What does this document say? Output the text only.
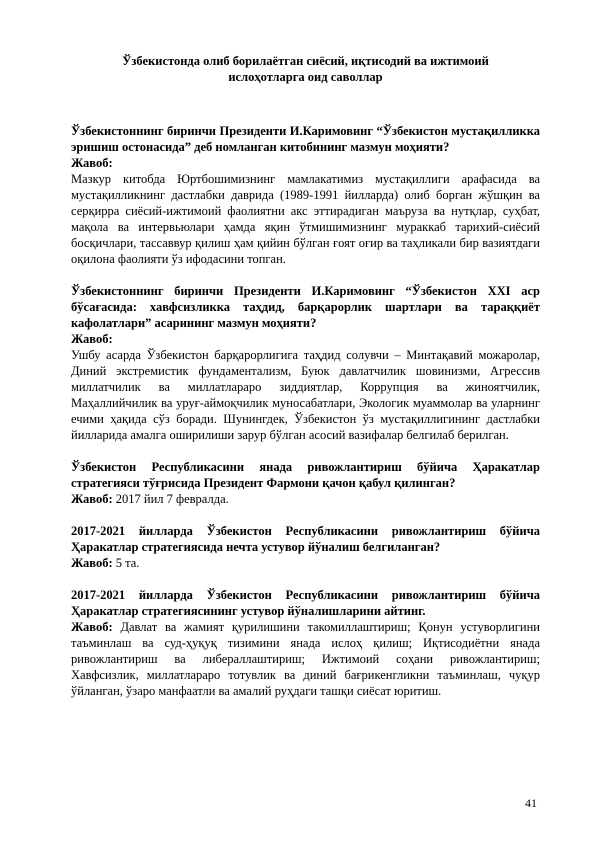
Ўзбекистонда олиб борилаётган сиёсий, иқтисодий ва ижтимоий
ислоҳотларга оид саволлар

Ўзбекистоннинг биринчи Президенти И.Каримовинг “Ўзбекистон мустақилликка эришиш остонасида” деб номланган китобининг мазмун моҳияти?

Жавоб:

Мазкур китобда Юртбошимизнинг мамлакатимиз мустақиллиги арафасида ва мустақилликнинг дастлабки даврида (1989-1991 йилларда) олиб борган жўшқин ва серқирра сиёсий-ижтимоий фаолиятни акс эттирадиган маъруза ва нутқлар, суҳбат, мақола ва интервьюлари ҳамда яқин ўтмишимизнинг мураккаб тарихий-сиёсий босқичлари, тассаввур қилиш ҳам қийин бўлган ғоят оғир ва таҳликали бир вазиятдаги оқилона фаолияти ўз ифодасини топган.

Ўзбекистоннинг биринчи Президенти И.Каримовинг “Ўзбекистон ХХI аср бўсағасида: хавфсизликка таҳдид, барқарорлик шартлари ва тараққиёт кафолатлари” асарининг мазмун моҳияти?

Жавоб:

Ушбу асарда Ўзбекистон барқарорлигига таҳдид солувчи – Минтақавий можаролар, Диний экстремистик фундаментализм, Буюк давлатчилик шовинизми, Агрессив миллатчилик ва миллатлараро зиддиятлар, Коррупция ва жиноятчилик, Маҳаллийчилик ва уруғ-аймоқчилик муносабатлари, Экологик муаммолар ва уларнинг ечими ҳақида сўз боради. Шунингдек, Ўзбекистон ўз мустақиллигининг дастлабки йилларида амалга оширилиши зарур бўлган асосий вазифалар белгилаб берилган.

Ўзбекистон Республикасини янада ривожлантириш бўйича Ҳаракатлар стратегияси тўғрисида Президент Фармони қачон қабул қилинган?

Жавоб: 2017 йил 7 февралда.

2017-2021 йилларда Ўзбекистон Республикасини ривожлантириш бўйича Ҳаракатлар стратегиясида нечта устувор йўналиш белгиланган?

Жавоб: 5 та.

2017-2021 йилларда Ўзбекистон Республикасини ривожлантириш бўйича Ҳаракатлар стратегиясининг устувор йўналишларини айтинг.

Жавоб: Давлат ва жамият қурилишини такомиллаштириш; Қонун устуворлигини таъминлаш ва суд-ҳуқуқ тизимини янада ислоҳ қилиш; Иқтисодиётни янада ривожлантириш ва либераллаштириш; Ижтимоий соҳани ривожлантириш; Хавфсизлик, миллатлараро тотувлик ва диний бағрикенгликни таъминлаш, чуқур ўйланган, ўзаро манфаатли ва амалий руҳдаги ташқи сиёсат юритиш.

41
